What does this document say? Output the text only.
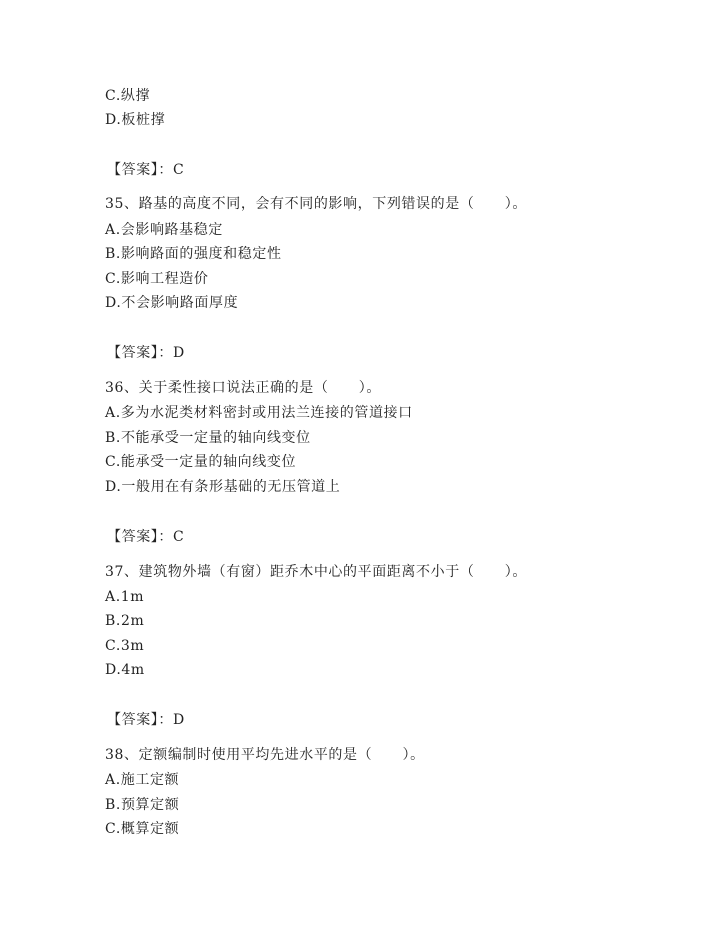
C.纵撑
D.板桩撑
【答案】：C
35、路基的高度不同，会有不同的影响，下列错误的是（      ）。
A.会影响路基稳定
B.影响路面的强度和稳定性
C.影响工程造价
D.不会影响路面厚度
【答案】：D
36、关于柔性接口说法正确的是（      ）。
A.多为水泥类材料密封或用法兰连接的管道接口
B.不能承受一定量的轴向线变位
C.能承受一定量的轴向线变位
D.一般用在有条形基础的无压管道上
【答案】：C
37、建筑物外墙（有窗）距乔木中心的平面距离不小于（      ）。
A.1m
B.2m
C.3m
D.4m
【答案】：D
38、定额编制时使用平均先进水平的是（      ）。
A.施工定额
B.预算定额
C.概算定额
